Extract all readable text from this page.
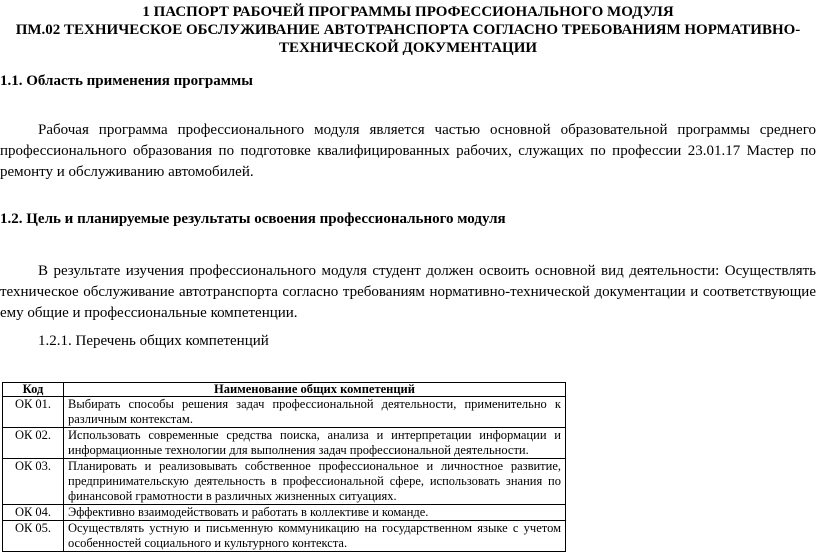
1 ПАСПОРТ РАБОЧЕЙ ПРОГРАММЫ ПРОФЕССИОНАЛЬНОГО МОДУЛЯ

ПМ.02 ТЕХНИЧЕСКОЕ ОБСЛУЖИВАНИЕ АВТОТРАНСПОРТА СОГЛАСНО ТРЕБОВАНИЯМ НОРМАТИВНО-

ТЕХНИЧЕСКОЙ ДОКУМЕНТАЦИИ

1.1. Область применения программы

Рабочая программа профессионального модуля является частью основной образовательной программы среднего профессионального образования по подготовке квалифицированных рабочих, служащих по профессии 23.01.17 Мастер по ремонту и обслуживанию автомобилей.

1.2. Цель и планируемые результаты освоения профессионального модуля

В результате изучения профессионального модуля студент должен освоить основной вид деятельности: Осуществлять техническое обслуживание автотранспорта согласно требованиям нормативно-технической документации и соответствующие ему общие и профессиональные компетенции.

1.2.1. Перечень общих компетенций

Код	Наименование общих компетенций
ОК 01.	Выбирать способы решения задач профессиональной деятельности, применительно к различным контекстам.
ОК 02.	Использовать современные средства поиска, анализа и интерпретации информации и информационные технологии для выполнения задач профессиональной деятельности.
ОК 03.	Планировать и реализовывать собственное профессиональное и личностное развитие, предпринимательскую деятельность в профессиональной сфере, использовать знания по финансовой грамотности в различных жизненных ситуациях.
ОК 04.	Эффективно взаимодействовать и работать в коллективе и команде.
ОК 05.	Осуществлять устную и письменную коммуникацию на государственном языке с учетом особенностей социального и культурного контекста.
